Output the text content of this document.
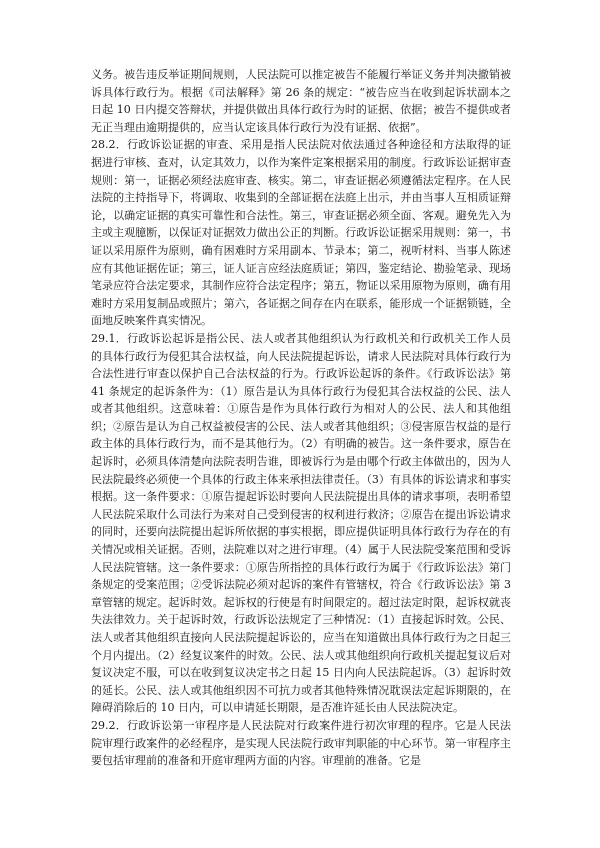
义务。被告违反举证期间规则，人民法院可以推定被告不能履行举证义务并判决撤销被诉具体行政行为。根据《司法解释》第 26 条的规定：“被告应当在收到起诉状副本之日起 10 日内提交答辩状，并提供做出具体行政行为时的证据、依据；被告不提供或者无正当理由逾期提供的，应当认定该具体行政行为没有证据、依据”。

28.2．行政诉讼证据的审查、采用是指人民法院对依法通过各种途径和方法取得的证据进行审核、查对，认定其效力，以作为案件定案根据采用的制度。行政诉讼证据审查规则：第一，证据必须经法庭审查、核实。第二，审查证据必须遵循法定程序。在人民法院的主持指导下，将调取、收集到的全部证据在法庭上出示，并由当事人互相质证辩论，以确定证据的真实可靠性和合法性。第三，审查证据必须全面、客观。避免先入为主或主观臆断，以保证对证据效力做出公正的判断。行政诉讼证据采用规则：第一，书证以采用原件为原则，确有困难时方采用副本、节录本；第二，视听材料、当事人陈述应有其他证据佐证；第三，证人证言应经法庭质证；第四，鉴定结论、勘验笔录、现场笔录应符合法定要求，其制作应符合法定程序；第五，物证以采用原物为原则，确有用难时方采用复制品或照片；第六，各证据之间存在内在联系，能形成一个证据锁链，全面地反映案件真实情况。

29.1．行政诉讼起诉是指公民、法人或者其他组织认为行政机关和行政机关工作人员的具体行政行为侵犯其合法权益，向人民法院提起诉讼，请求人民法院对具体行政行为合法性进行审查以保护自己合法权益的行为。行政诉讼起诉的条件。《行政诉讼法》第 41 条规定的起诉条件为：（1）原告是认为具体行政行为侵犯其合法权益的公民、法人或者其他组织。这意味着：①原告是作为具体行政行为相对人的公民、法人和其他组织；②原告是认为自己权益被侵害的公民、法人或者其他组织；③侵害原告权益的是行政主体的具体行政行为，而不是其他行为。（2）有明确的被告。这一条件要求，原告在起诉时，必须具体清楚向法院表明告谁，即被诉行为是由哪个行政主体做出的，因为人民法院最终必须使一个具体的行政主体来承担法律责任。（3）有具体的诉讼请求和事实根据。这一条件要求：①原告提起诉讼时要向人民法院提出具体的请求事项，表明希望人民法院采取什么司法行为来对自己受到侵害的权利进行救济；②原告在提出诉讼请求的同时，还要向法院提出起诉所依据的事实根据，即应提供证明具体行政行为存在的有关情况或相关证据。否则，法院难以对之进行审理。（4）属于人民法院受案范围和受诉人民法院管辖。这一条件要求：①原告所指控的具体行政行为属于《行政诉讼法》第门条规定的受案范围；②受诉法院必须对起诉的案件有管辖权，符合《行政诉讼法》第 3 章管辖的规定。起诉时效。起诉权的行使是有时间限定的。超过法定时限，起诉权就丧失法律效力。关于起诉时效，行政诉讼法规定了三种情况：（1）直接起诉时效。公民、法人或者其他组织直接向人民法院提起诉讼的，应当在知道做出具体行政行为之日起三个月内提出。（2）经复议案件的时效。公民、法人或其他组织向行政机关提起复议后对复议决定不服，可以在收到复议决定书之日起 15 日内向人民法院起诉。（3）起诉时效的延长。公民、法人或其他组织因不可抗力或者其他特殊情况耽误法定起诉期限的，在障碍消除后的 10 日内，可以申请延长期限，是否准许延长由人民法院决定。

29.2．行政诉讼第一审程序是人民法院对行政案件进行初次审理的程序。它是人民法院审理行政案件的必经程序，是实现人民法院行政审判职能的中心环节。第一审程序主要包括审理前的准备和开庭审理两方面的内容。审理前的准备。它是
